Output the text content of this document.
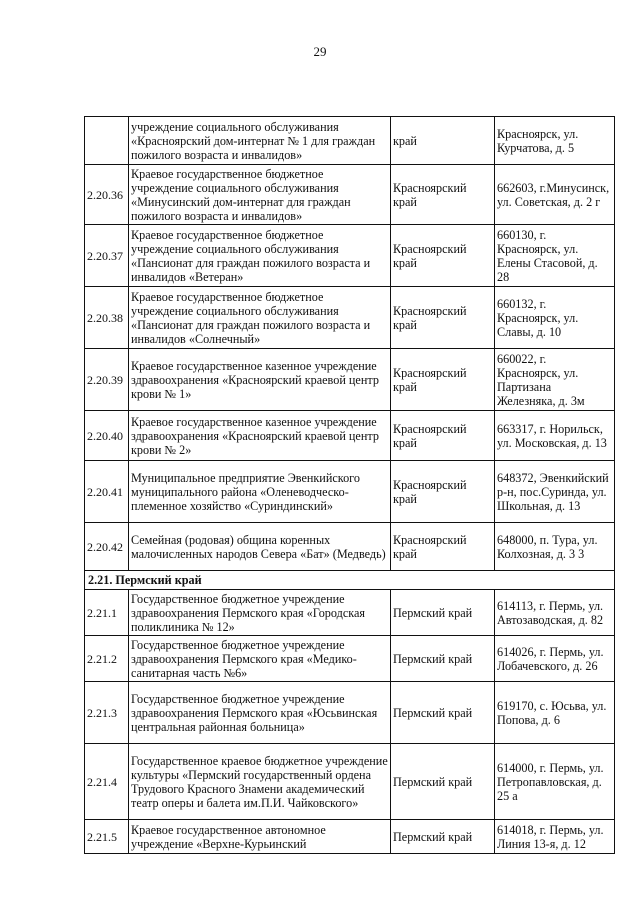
29
	учреждение социального обслуживания «Красноярский дом-интернат № 1 для граждан пожилого возраста и инвалидов»	край	Красноярск, ул. Курчатова, д. 5
2.20.36	Краевое государственное бюджетное учреждение социального обслуживания «Минусинский дом-интернат для граждан пожилого возраста и инвалидов»	Красноярский край	662603, г.Минусинск, ул. Советская, д. 2 г
2.20.37	Краевое государственное бюджетное учреждение социального обслуживания «Пансионат для граждан пожилого возраста и инвалидов «Ветеран»	Красноярский край	660130, г. Красноярск, ул. Елены Стасовой, д. 28
2.20.38	Краевое государственное бюджетное учреждение социального обслуживания «Пансионат для граждан пожилого возраста и инвалидов «Солнечный»	Красноярский край	660132, г. Красноярск, ул. Славы, д. 10
2.20.39	Краевое государственное казенное учреждение здравоохранения «Красноярский краевой центр крови № 1»	Красноярский край	660022, г. Красноярск, ул. Партизана Железняка, д. 3м
2.20.40	Краевое государственное казенное учреждение здравоохранения «Красноярский краевой центр крови № 2»	Красноярский край	663317, г. Норильск, ул. Московская, д. 13
2.20.41	Муниципальное предприятие Эвенкийского муниципального района «Оленеводческо-племенное хозяйство «Суриндинский»	Красноярский край	648372, Эвенкийский р-н, пос.Суринда, ул. Школьная, д. 13
2.20.42	Семейная (родовая) община коренных малочисленных народов Севера «Бат» (Медведь)	Красноярский край	648000, п. Тура, ул. Колхозная, д. 3 3
2.21. Пермский край			
2.21.1	Государственное бюджетное учреждение здравоохранения Пермского края «Городская поликлиника № 12»	Пермский край	614113, г. Пермь, ул. Автозаводская, д. 82
2.21.2	Государственное бюджетное учреждение здравоохранения Пермского края «Медико-санитарная часть №6»	Пермский край	614026, г. Пермь, ул. Лобачевского, д. 26
2.21.3	Государственное бюджетное учреждение здравоохранения Пермского края «Юсьвинская центральная районная больница»	Пермский край	619170, с. Юсьва, ул. Попова, д. 6
2.21.4	Государственное краевое бюджетное учреждение культуры «Пермский государственный ордена Трудового Красного Знамени академический театр оперы и балета им.П.И. Чайковского»	Пермский край	614000, г. Пермь, ул. Петропавловская, д. 25 а
2.21.5	Краевое государственное автономное учреждение «Верхне-Курьинский	Пермский край	614018, г. Пермь, ул. Линия 13-я, д. 12
